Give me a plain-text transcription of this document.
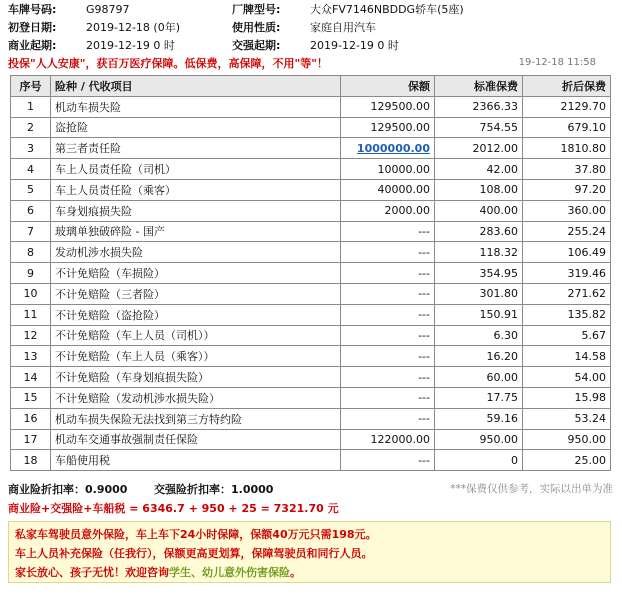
车牌号码:	G98797	厂牌型号:	大众FV7146NBDDG轿车(5座)
初登日期:	2019-12-18 (0年)	使用性质:	家庭自用汽车
商业起期:	2019-12-19 0 时	交强起期:	2019-12-19 0 时
投保"人人安康"，获百万医疗保障。低保费，高保障，不用"等"！	19-12-18 11:58
序号	险种 / 代收项目	保额	标准保费	折后保费
1	机动车损失险	129500.00	2366.33	2129.70
2	盗抢险	129500.00	754.55	679.10
3	第三者责任险	1000000.00	2012.00	1810.80
4	车上人员责任险（司机）	10000.00	42.00	37.80
5	车上人员责任险（乘客）	40000.00	108.00	97.20
6	车身划痕损失险	2000.00	400.00	360.00
7	玻璃单独破碎险 - 国产	---	283.60	255.24
8	发动机涉水损失险	---	118.32	106.49
9	不计免赔险（车损险）	---	354.95	319.46
10	不计免赔险（三者险）	---	301.80	271.62
11	不计免赔险（盗抢险）	---	150.91	135.82
12	不计免赔险（车上人员（司机））	---	6.30	5.67
13	不计免赔险（车上人员（乘客））	---	16.20	14.58
14	不计免赔险（车身划痕损失险）	---	60.00	54.00
15	不计免赔险（发动机涉水损失险）	---	17.75	15.98
16	机动车损失保险无法找到第三方特约险	---	59.16	53.24
17	机动车交通事故强制责任保险	122000.00	950.00	950.00
18	车船使用税	---	0	25.00
商业险折扣率：0.9000 交强险折扣率：1.0000	***保费仅供参考，实际以出单为准
商业险+交强险+车船税 = 6346.7 + 950 + 25 = 7321.70 元
私家车驾驶员意外保险，车上车下24小时保障，保额40万元只需198元。
车上人员补充保险（任我行），保额更高更划算，保障驾驶员和同行人员。
家长放心、孩子无忧！欢迎咨询学生、幼儿意外伤害保险。
